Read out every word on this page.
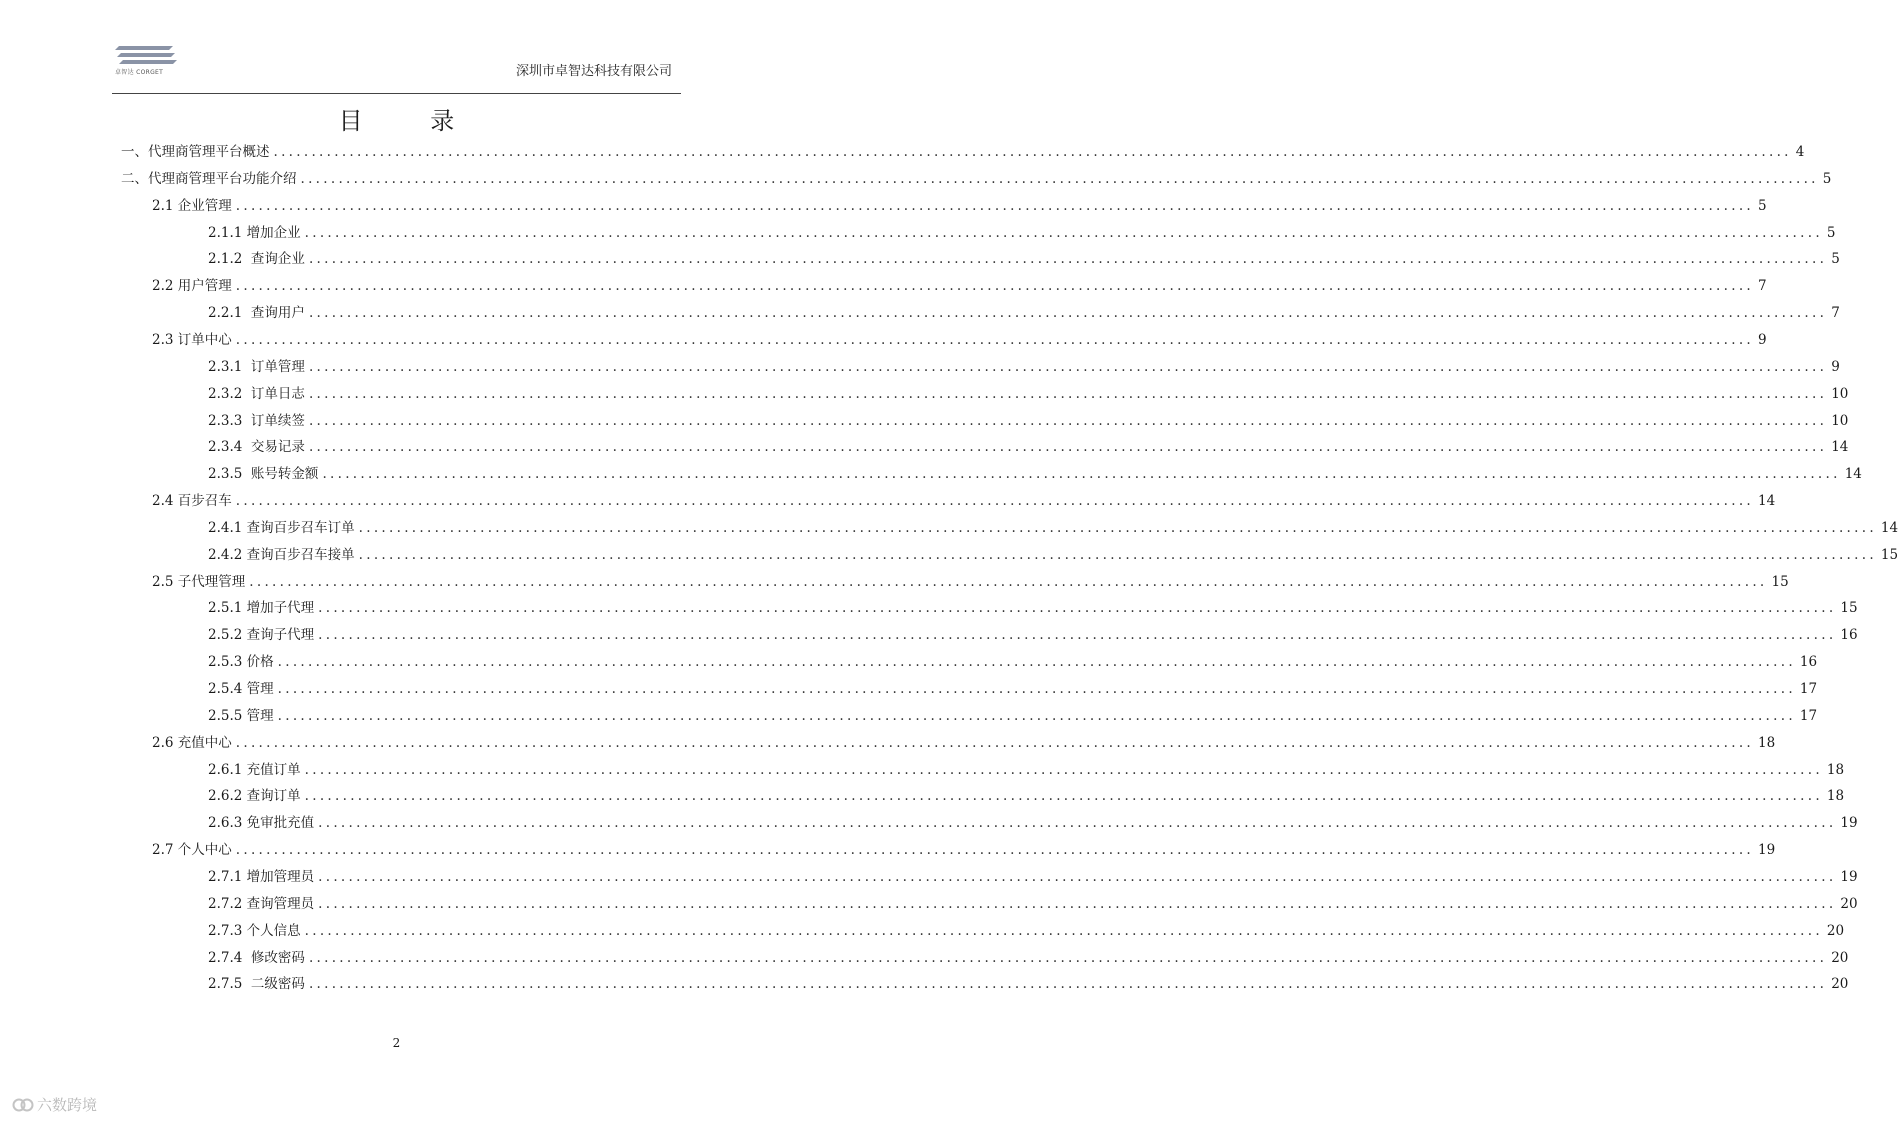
卓智达 CORGET	深圳市卓智达科技有限公司
目 录
一、代理商管理平台概述 ........................................................................................................................................................................................................ 4
二、代理商管理平台功能介绍 ........................................................................................................................................................................................................ 5
2.1 企业管理 ........................................................................................................................................................................................................ 5
2.1.1 增加企业 ........................................................................................................................................................................................................ 5
2.1.2  查询企业 ........................................................................................................................................................................................................ 5
2.2 用户管理 ........................................................................................................................................................................................................ 7
2.2.1  查询用户 ........................................................................................................................................................................................................ 7
2.3 订单中心 ........................................................................................................................................................................................................ 9
2.3.1  订单管理 ........................................................................................................................................................................................................ 9
2.3.2  订单日志 ........................................................................................................................................................................................................ 10
2.3.3  订单续签 ........................................................................................................................................................................................................ 10
2.3.4  交易记录 ........................................................................................................................................................................................................ 14
2.3.5  账号转金额 ........................................................................................................................................................................................................ 14
2.4 百步召车 ........................................................................................................................................................................................................ 14
2.4.1 查询百步召车订单 ........................................................................................................................................................................................................ 14
2.4.2 查询百步召车接单 ........................................................................................................................................................................................................ 15
2.5 子代理管理 ........................................................................................................................................................................................................ 15
2.5.1 增加子代理 ........................................................................................................................................................................................................ 15
2.5.2 查询子代理 ........................................................................................................................................................................................................ 16
2.5.3 价格 ........................................................................................................................................................................................................ 16
2.5.4 管理 ........................................................................................................................................................................................................ 17
2.5.5 管理 ........................................................................................................................................................................................................ 17
2.6 充值中心 ........................................................................................................................................................................................................ 18
2.6.1 充值订单 ........................................................................................................................................................................................................ 18
2.6.2 查询订单 ........................................................................................................................................................................................................ 18
2.6.3 免审批充值 ........................................................................................................................................................................................................ 19
2.7 个人中心 ........................................................................................................................................................................................................ 19
2.7.1 增加管理员 ........................................................................................................................................................................................................ 19
2.7.2 查询管理员 ........................................................................................................................................................................................................ 20
2.7.3 个人信息 ........................................................................................................................................................................................................ 20
2.7.4  修改密码 ........................................................................................................................................................................................................ 20
2.7.5  二级密码 ........................................................................................................................................................................................................ 20
2
六数跨境
